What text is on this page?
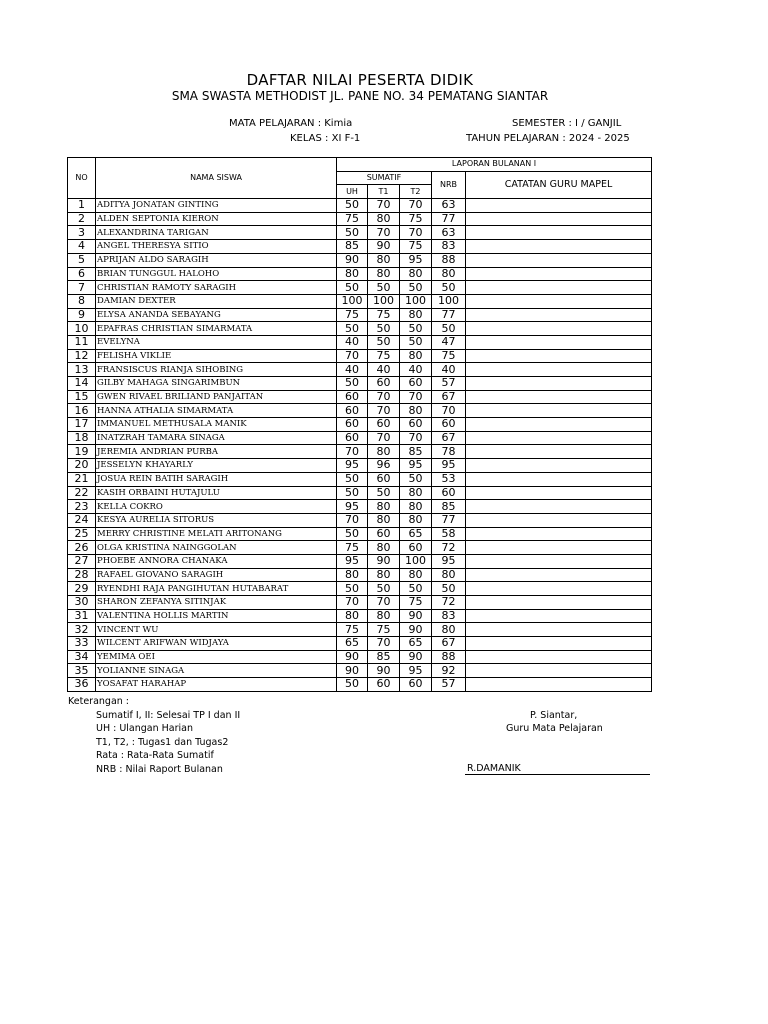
DAFTAR NILAI PESERTA DIDIK
SMA SWASTA METHODIST JL. PANE NO. 34 PEMATANG SIANTAR
MATA PELAJARAN : Kimia
KELAS : XI F-1
SEMESTER : I / GANJIL
TAHUN PELAJARAN : 2024 - 2025
NO	NAMA SISWA	LAPORAN BULANAN I				
		SUMATIF			NRB	CATATAN GURU MAPEL
		UH	T1	T2		
1	ADITYA JONATAN GINTING	50	70	70	63	
2	ALDEN SEPTONIA KIERON	75	80	75	77	
3	ALEXANDRINA TARIGAN	50	70	70	63	
4	ANGEL THERESYA SITIO	85	90	75	83	
5	APRIJAN ALDO SARAGIH	90	80	95	88	
6	BRIAN TUNGGUL HALOHO	80	80	80	80	
7	CHRISTIAN RAMOTY SARAGIH	50	50	50	50	
8	DAMIAN DEXTER	100	100	100	100	
9	ELYSA ANANDA SEBAYANG	75	75	80	77	
10	EPAFRAS CHRISTIAN SIMARMATA	50	50	50	50	
11	EVELYNA	40	50	50	47	
12	FELISHA VIKLIE	70	75	80	75	
13	FRANSISCUS RIANJA SIHOBING	40	40	40	40	
14	GILBY MAHAGA SINGARIMBUN	50	60	60	57	
15	GWEN RIVAEL BRILIAND PANJAITAN	60	70	70	67	
16	HANNA ATHALIA SIMARMATA	60	70	80	70	
17	IMMANUEL METHUSALA MANIK	60	60	60	60	
18	INATZRAH TAMARA SINAGA	60	70	70	67	
19	JEREMIA ANDRIAN PURBA	70	80	85	78	
20	JESSELYN KHAYARLY	95	96	95	95	
21	JOSUA REIN BATIH SARAGIH	50	60	50	53	
22	KASIH ORBAINI HUTAJULU	50	50	80	60	
23	KELLA COKRO	95	80	80	85	
24	KESYA AURELIA SITORUS	70	80	80	77	
25	MERRY CHRISTINE MELATI ARITONANG	50	60	65	58	
26	OLGA KRISTINA NAINGGOLAN	75	80	60	72	
27	PHOEBE ANNORA CHANAKA	95	90	100	95	
28	RAFAEL GIOVANO SARAGIH	80	80	80	80	
29	RYENDHI RAJA PANGIHUTAN HUTABARAT	50	50	50	50	
30	SHARON ZEFANYA SITINJAK	70	70	75	72	
31	VALENTINA HOLLIS MARTIN	80	80	90	83	
32	VINCENT WU	75	75	90	80	
33	WILCENT ARIFWAN WIDJAYA	65	70	65	67	
34	YEMIMA OEI	90	85	90	88	
35	YOLIANNE SINAGA	90	90	95	92	
36	YOSAFAT HARAHAP	50	60	60	57	
Keterangan :
Sumatif I, II: Selesai TP I dan II
UH : Ulangan Harian
T1, T2, : Tugas1 dan Tugas2
Rata : Rata-Rata Sumatif
NRB : Nilai Raport Bulanan
P. Siantar,
Guru Mata Pelajaran
R.DAMANIK
